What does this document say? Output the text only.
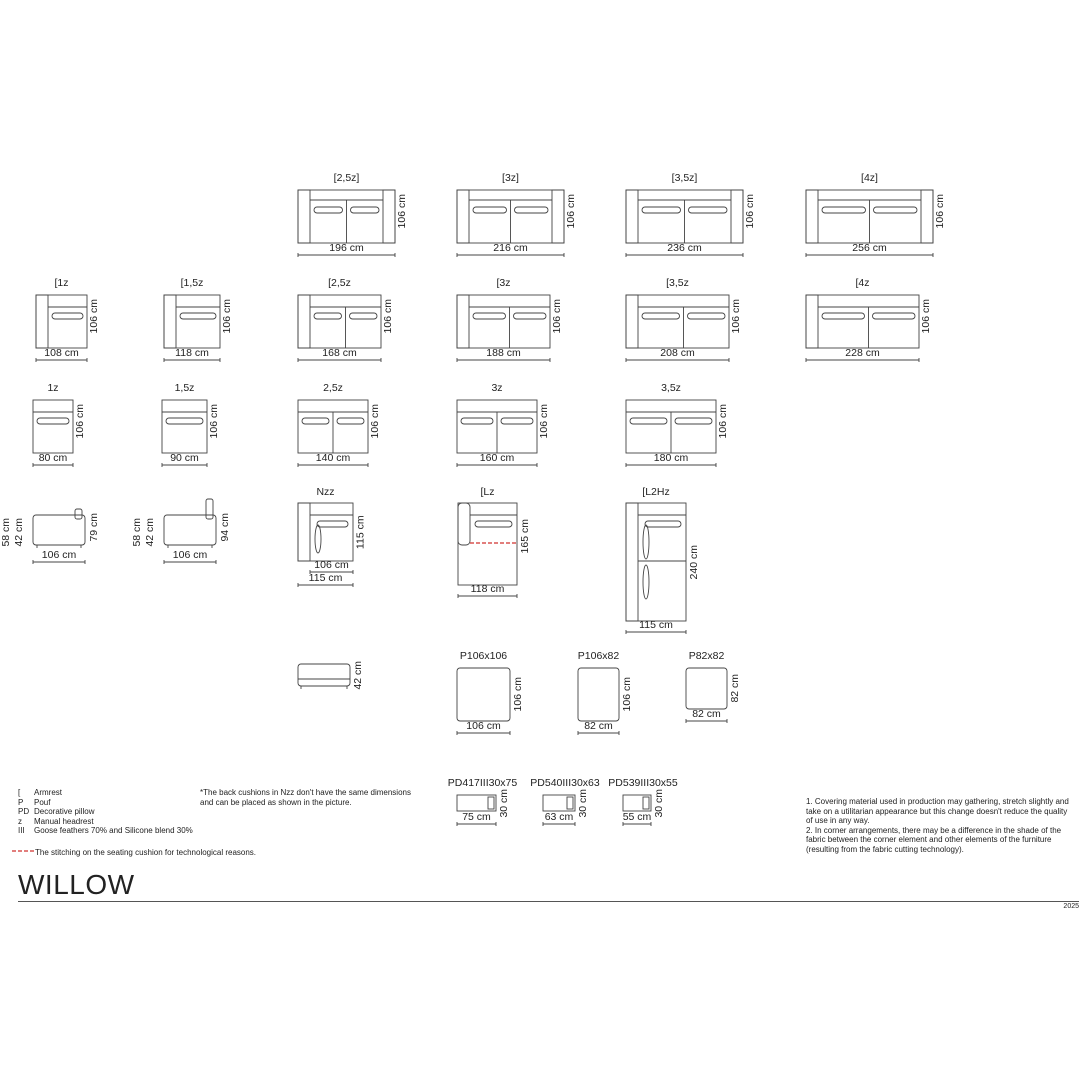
[2,5z]
196 cm
106 cm
[3z]
216 cm
106 cm
[3,5z]
236 cm
106 cm
[4z]
256 cm
106 cm
[1z
108 cm
106 cm
[1,5z
118 cm
106 cm
[2,5z
168 cm
106 cm
[3z
188 cm
106 cm
[3,5z
208 cm
106 cm
[4z
228 cm
106 cm
1z
80 cm
106 cm
1,5z
90 cm
106 cm
2,5z
140 cm
106 cm
3z
160 cm
106 cm
3,5z
180 cm
106 cm
106 cm
79 cm
58 cm 42 cm
106 cm
94 cm
58 cm 42 cm
Nzz
106 cm
115 cm
115 cm
[Lz
118 cm
165 cm
[L2Hz
115 cm
240 cm
42 cm
P106x106
106 cm
106 cm
P106x82
82 cm
106 cm
P82x82
82 cm
82 cm
PD417III30x75
75 cm 30 cm
PD540III30x63
63 cm 30 cm
PD539III30x55
55 cm 30 cm
[	Armrest
P	Pouf
PD Decorative pillow
z	Manual headrest
III	Goose feathers 70% and Silicone blend 30%
The stitching on the seating cushion for technological reasons.
*The back cushions in Nzz don't have the same dimensions
and can be placed as shown in the picture.	1. Covering material used in production may gathering, stretch slightly and
take on a utilitarian appearance but this change doesn't reduce the quality
of use in any way.
2. In corner arrangements, there may be a difference in the shade of the
fabric between the corner element and other elements of the furniture
(resulting from the fabric cutting technology).
WILLOW
2025
